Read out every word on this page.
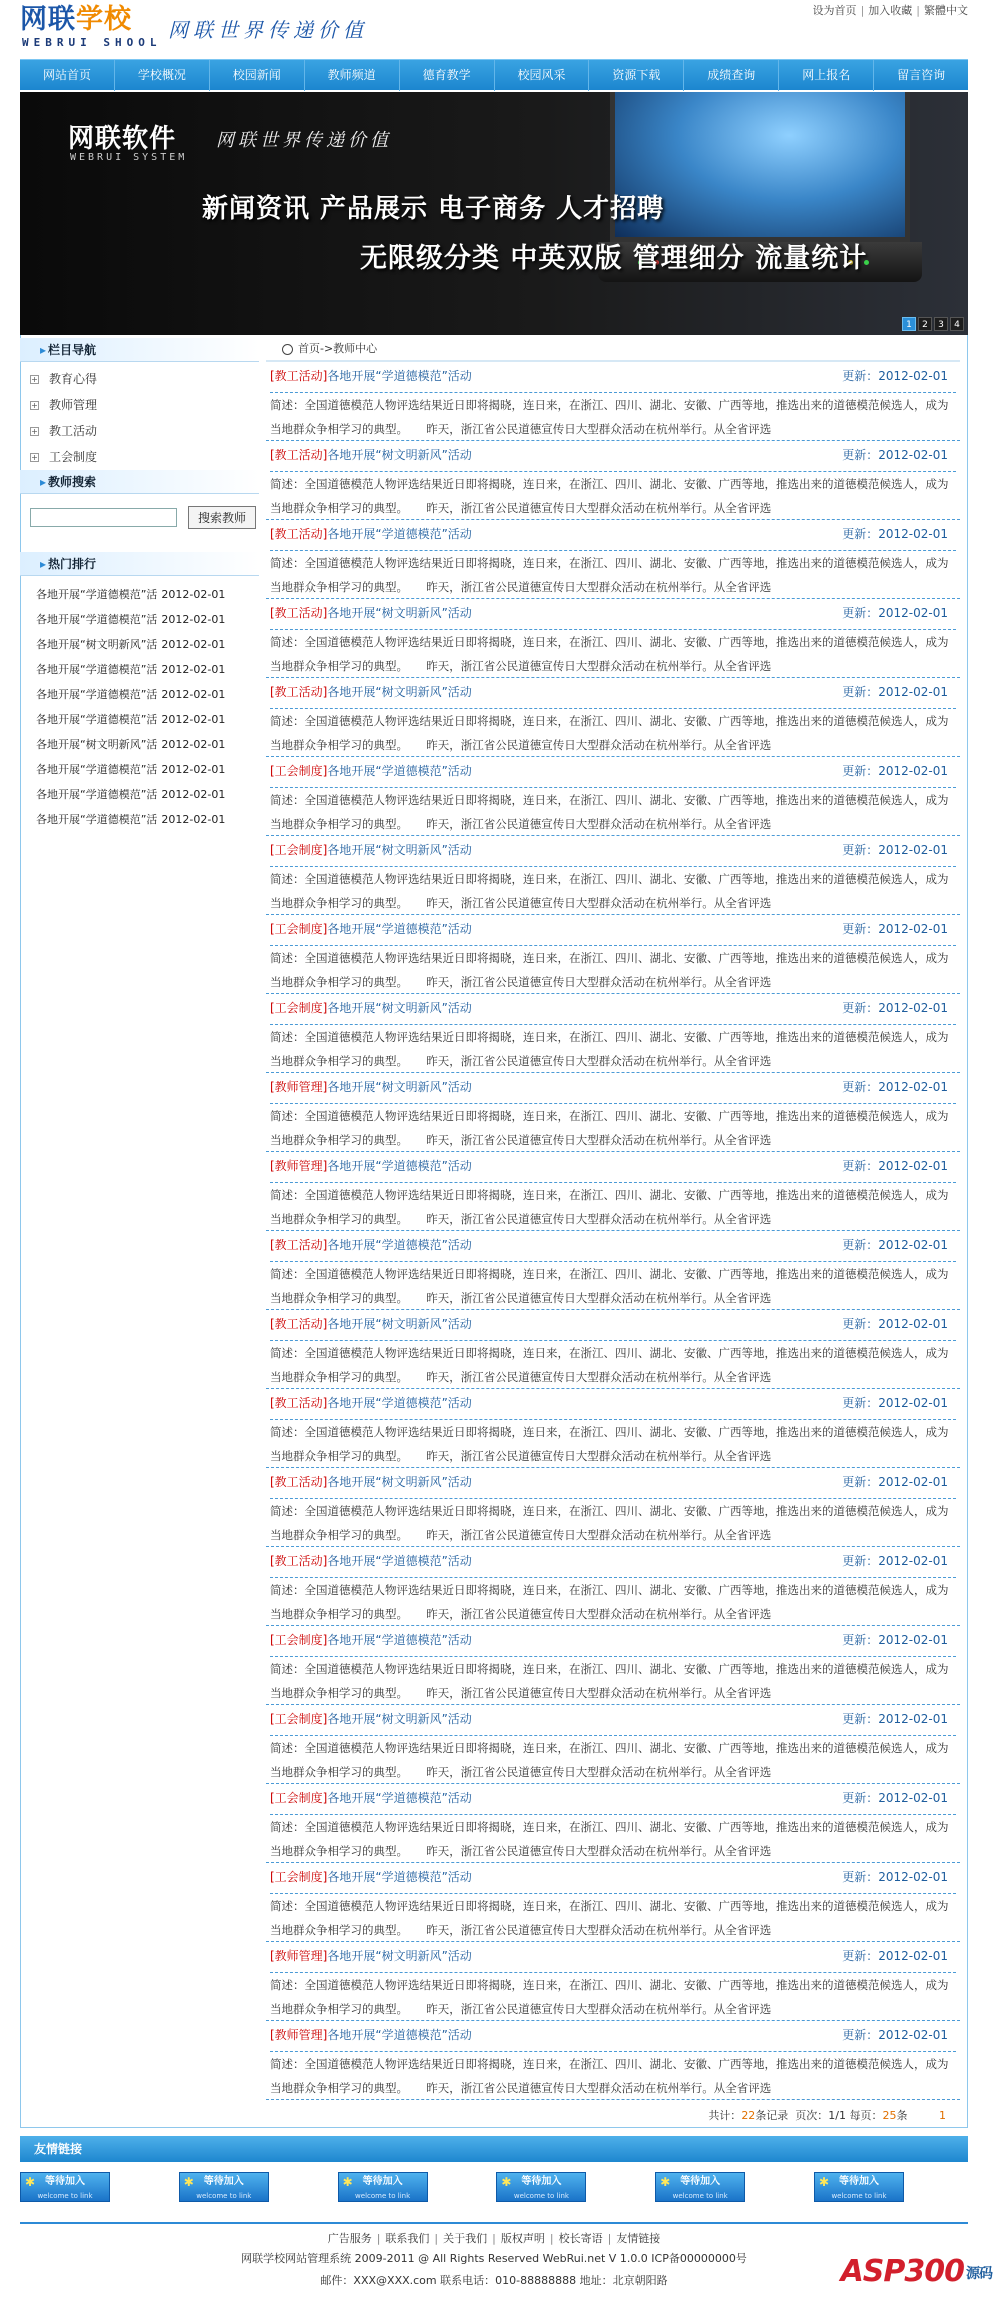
网联学校
WEBRUI SHOOL
网联世界传递价值
设为首页 | 加入收藏 | 繁體中文
网站首页	学校概况	校园新闻	教师频道	德育教学	校园风采	资源下载	成绩查询	网上报名	留言咨询
网联软件
WEBRUI SYSTEM
网联世界传递价值
新闻资讯 产品展示 电子商务 人才招聘
无限级分类 中英双版 管理细分 流量统计
1	2	3	4
▸ 栏目导航
+ 教育心得
+ 教师管理
+ 教工活动
+ 工会制度
▸ 教师搜索
搜索教师
▸ 热门排行
各地开展“学道德模范”活 2012-02-01
各地开展“学道德模范”活 2012-02-01
各地开展“树文明新风”活 2012-02-01
各地开展“学道德模范”活 2012-02-01
各地开展“学道德模范”活 2012-02-01
各地开展“学道德模范”活 2012-02-01
各地开展“树文明新风”活 2012-02-01
各地开展“学道德模范”活 2012-02-01
各地开展“学道德模范”活 2012-02-01
各地开展“学道德模范”活 2012-02-01
首页->教师中心
[教工活动]各地开展“学道德模范”活动	更新：2012-02-01
简述：全国道德模范人物评选结果近日即将揭晓，连日来，在浙江、四川、湖北、安徽、广西等地，推选出来的道德模范候选人，成为当地群众争相学习的典型。     昨天，浙江省公民道德宣传日大型群众活动在杭州举行。从全省评选
[教工活动]各地开展“树文明新风”活动	更新：2012-02-01
简述：全国道德模范人物评选结果近日即将揭晓，连日来，在浙江、四川、湖北、安徽、广西等地，推选出来的道德模范候选人，成为当地群众争相学习的典型。     昨天，浙江省公民道德宣传日大型群众活动在杭州举行。从全省评选
[教工活动]各地开展“学道德模范”活动	更新：2012-02-01
简述：全国道德模范人物评选结果近日即将揭晓，连日来，在浙江、四川、湖北、安徽、广西等地，推选出来的道德模范候选人，成为当地群众争相学习的典型。     昨天，浙江省公民道德宣传日大型群众活动在杭州举行。从全省评选
[教工活动]各地开展“树文明新风”活动	更新：2012-02-01
简述：全国道德模范人物评选结果近日即将揭晓，连日来，在浙江、四川、湖北、安徽、广西等地，推选出来的道德模范候选人，成为当地群众争相学习的典型。     昨天，浙江省公民道德宣传日大型群众活动在杭州举行。从全省评选
[教工活动]各地开展“树文明新风”活动	更新：2012-02-01
简述：全国道德模范人物评选结果近日即将揭晓，连日来，在浙江、四川、湖北、安徽、广西等地，推选出来的道德模范候选人，成为当地群众争相学习的典型。     昨天，浙江省公民道德宣传日大型群众活动在杭州举行。从全省评选
[工会制度]各地开展“学道德模范”活动	更新：2012-02-01
简述：全国道德模范人物评选结果近日即将揭晓，连日来，在浙江、四川、湖北、安徽、广西等地，推选出来的道德模范候选人，成为当地群众争相学习的典型。     昨天，浙江省公民道德宣传日大型群众活动在杭州举行。从全省评选
[工会制度]各地开展“树文明新风”活动	更新：2012-02-01
简述：全国道德模范人物评选结果近日即将揭晓，连日来，在浙江、四川、湖北、安徽、广西等地，推选出来的道德模范候选人，成为当地群众争相学习的典型。     昨天，浙江省公民道德宣传日大型群众活动在杭州举行。从全省评选
[工会制度]各地开展“学道德模范”活动	更新：2012-02-01
简述：全国道德模范人物评选结果近日即将揭晓，连日来，在浙江、四川、湖北、安徽、广西等地，推选出来的道德模范候选人，成为当地群众争相学习的典型。     昨天，浙江省公民道德宣传日大型群众活动在杭州举行。从全省评选
[工会制度]各地开展“树文明新风”活动	更新：2012-02-01
简述：全国道德模范人物评选结果近日即将揭晓，连日来，在浙江、四川、湖北、安徽、广西等地，推选出来的道德模范候选人，成为当地群众争相学习的典型。     昨天，浙江省公民道德宣传日大型群众活动在杭州举行。从全省评选
[教师管理]各地开展“树文明新风”活动	更新：2012-02-01
简述：全国道德模范人物评选结果近日即将揭晓，连日来，在浙江、四川、湖北、安徽、广西等地，推选出来的道德模范候选人，成为当地群众争相学习的典型。     昨天，浙江省公民道德宣传日大型群众活动在杭州举行。从全省评选
[教师管理]各地开展“学道德模范”活动	更新：2012-02-01
简述：全国道德模范人物评选结果近日即将揭晓，连日来，在浙江、四川、湖北、安徽、广西等地，推选出来的道德模范候选人，成为当地群众争相学习的典型。     昨天，浙江省公民道德宣传日大型群众活动在杭州举行。从全省评选
[教工活动]各地开展“学道德模范”活动	更新：2012-02-01
简述：全国道德模范人物评选结果近日即将揭晓，连日来，在浙江、四川、湖北、安徽、广西等地，推选出来的道德模范候选人，成为当地群众争相学习的典型。     昨天，浙江省公民道德宣传日大型群众活动在杭州举行。从全省评选
[教工活动]各地开展“树文明新风”活动	更新：2012-02-01
简述：全国道德模范人物评选结果近日即将揭晓，连日来，在浙江、四川、湖北、安徽、广西等地，推选出来的道德模范候选人，成为当地群众争相学习的典型。     昨天，浙江省公民道德宣传日大型群众活动在杭州举行。从全省评选
[教工活动]各地开展“学道德模范”活动	更新：2012-02-01
简述：全国道德模范人物评选结果近日即将揭晓，连日来，在浙江、四川、湖北、安徽、广西等地，推选出来的道德模范候选人，成为当地群众争相学习的典型。     昨天，浙江省公民道德宣传日大型群众活动在杭州举行。从全省评选
[教工活动]各地开展“树文明新风”活动	更新：2012-02-01
简述：全国道德模范人物评选结果近日即将揭晓，连日来，在浙江、四川、湖北、安徽、广西等地，推选出来的道德模范候选人，成为当地群众争相学习的典型。     昨天，浙江省公民道德宣传日大型群众活动在杭州举行。从全省评选
[教工活动]各地开展“学道德模范”活动	更新：2012-02-01
简述：全国道德模范人物评选结果近日即将揭晓，连日来，在浙江、四川、湖北、安徽、广西等地，推选出来的道德模范候选人，成为当地群众争相学习的典型。     昨天，浙江省公民道德宣传日大型群众活动在杭州举行。从全省评选
[工会制度]各地开展“学道德模范”活动	更新：2012-02-01
简述：全国道德模范人物评选结果近日即将揭晓，连日来，在浙江、四川、湖北、安徽、广西等地，推选出来的道德模范候选人，成为当地群众争相学习的典型。     昨天，浙江省公民道德宣传日大型群众活动在杭州举行。从全省评选
[工会制度]各地开展“树文明新风”活动	更新：2012-02-01
简述：全国道德模范人物评选结果近日即将揭晓，连日来，在浙江、四川、湖北、安徽、广西等地，推选出来的道德模范候选人，成为当地群众争相学习的典型。     昨天，浙江省公民道德宣传日大型群众活动在杭州举行。从全省评选
[工会制度]各地开展“学道德模范”活动	更新：2012-02-01
简述：全国道德模范人物评选结果近日即将揭晓，连日来，在浙江、四川、湖北、安徽、广西等地，推选出来的道德模范候选人，成为当地群众争相学习的典型。     昨天，浙江省公民道德宣传日大型群众活动在杭州举行。从全省评选
[工会制度]各地开展“学道德模范”活动	更新：2012-02-01
简述：全国道德模范人物评选结果近日即将揭晓，连日来，在浙江、四川、湖北、安徽、广西等地，推选出来的道德模范候选人，成为当地群众争相学习的典型。     昨天，浙江省公民道德宣传日大型群众活动在杭州举行。从全省评选
[教师管理]各地开展“树文明新风”活动	更新：2012-02-01
简述：全国道德模范人物评选结果近日即将揭晓，连日来，在浙江、四川、湖北、安徽、广西等地，推选出来的道德模范候选人，成为当地群众争相学习的典型。     昨天，浙江省公民道德宣传日大型群众活动在杭州举行。从全省评选
[教师管理]各地开展“学道德模范”活动	更新：2012-02-01
简述：全国道德模范人物评选结果近日即将揭晓，连日来，在浙江、四川、湖北、安徽、广西等地，推选出来的道德模范候选人，成为当地群众争相学习的典型。     昨天，浙江省公民道德宣传日大型群众活动在杭州举行。从全省评选
共计：22条记录 页次：1/1 每页：25条	1
友情链接
✱ 等待加入
welcome to link
✱ 等待加入
welcome to link
✱ 等待加入
welcome to link
✱ 等待加入
welcome to link
✱ 等待加入
welcome to link
✱ 等待加入
welcome to link
广告服务 | 联系我们 | 关于我们 | 版权声明 | 校长寄语 | 友情链接
网联学校网站管理系统 2009-2011 @ All Rights Reserved WebRui.net V 1.0.0 ICP备00000000号
邮件：XXX@XXX.com 联系电话：010-88888888 地址：北京朝阳路	ASP300 源码
